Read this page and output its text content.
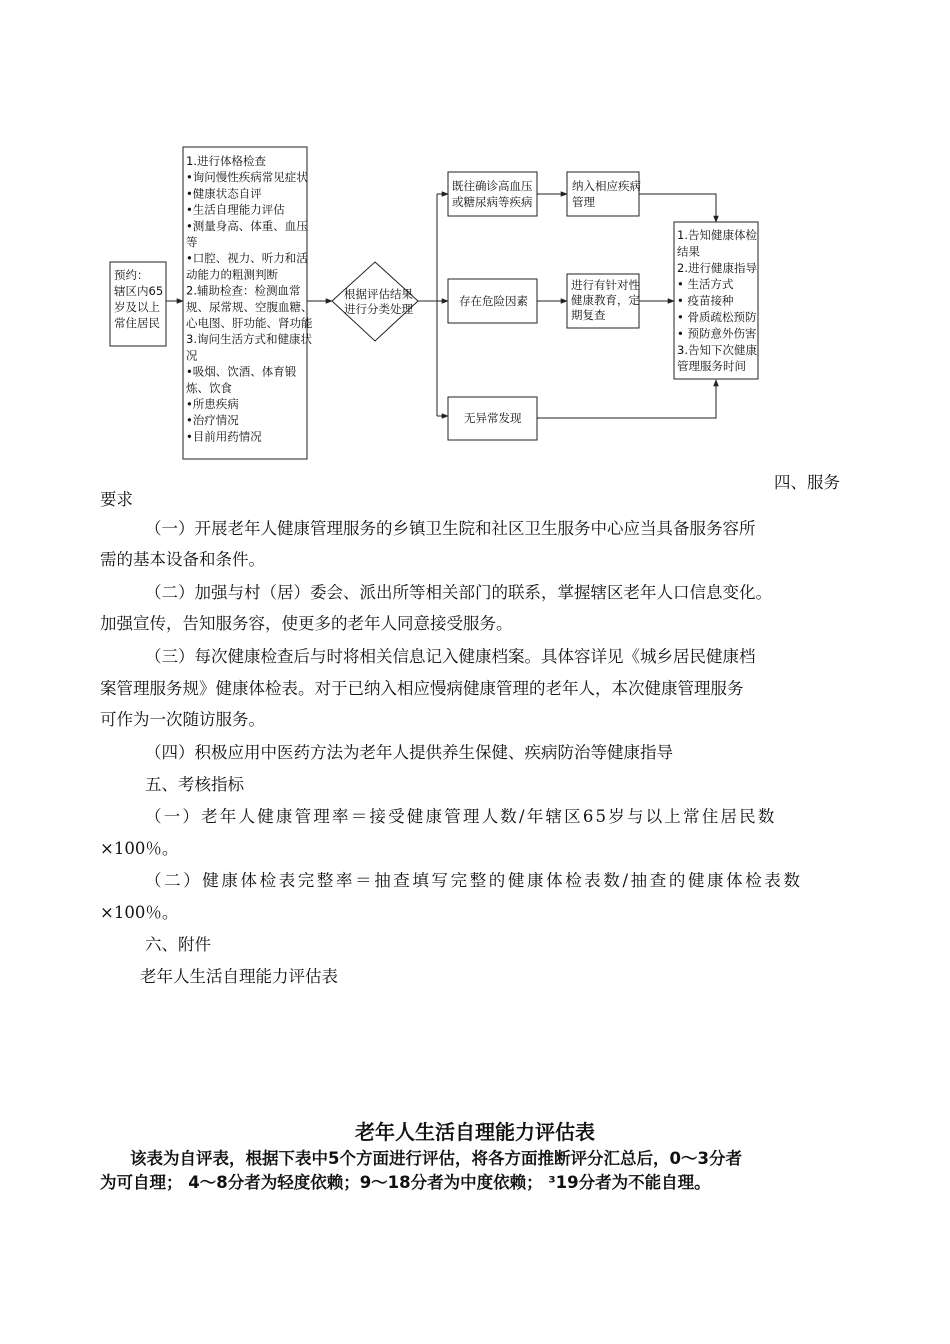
预约：辖区内65 岁及以上常住居民
1.进行体格检查•询问慢性疾病常见症状•健康状态自评•生活自理能力评估•测量身高、体重、血压等•口腔、视力、听力和活动能力的粗测判断 2.辅助检查：检测血常规、尿常规、空腹血糖、心电图、肝功能、肾功能 3.询问生活方式和健康状况•吸烟、饮酒、体育锻炼、饮食•所患疾病•治疗情况•目前用药情况
根据评估结果进行分类处理
既往确诊高血压或糖尿病等疾病
纳入相应疾病管理
存在危险因素
进行有针对性健康教育，定期复查
无异常发现
1.告知健康体检结果 2.进行健康指导• 生活方式• 疫苗接种• 骨质疏松预防• 预防意外伤害 3.告知下次健康管理服务时间

四、服务

要求

（一）开展老年人健康管理服务的乡镇卫生院和社区卫生服务中心应当具备服务容所

需的基本设备和条件。

（二）加强与村（居）委会、派出所等相关部门的联系，掌握辖区老年人口信息变化。

加强宣传，告知服务容，使更多的老年人同意接受服务。

（三）每次健康检查后与时将相关信息记入健康档案。具体容详见《城乡居民健康档

案管理服务规》健康体检表。对于已纳入相应慢病健康管理的老年人，本次健康管理服务

可作为一次随访服务。

（四）积极应用中医药方法为老年人提供养生保健、疾病防治等健康指导

五、考核指标

（一）老年人健康管理率＝接受健康管理人数/年辖区65岁与以上常住居民数

×100％。

（二）健康体检表完整率＝抽查填写完整的健康体检表数/抽查的健康体检表数

×100％。

六、附件

老年人生活自理能力评估表

老年人生活自理能力评估表

该表为自评表，根据下表中5个方面进行评估，将各方面推断评分汇总后，0～3分者

为可自理； 4～8分者为轻度依赖；9～18分者为中度依赖； ³19分者为不能自理。
